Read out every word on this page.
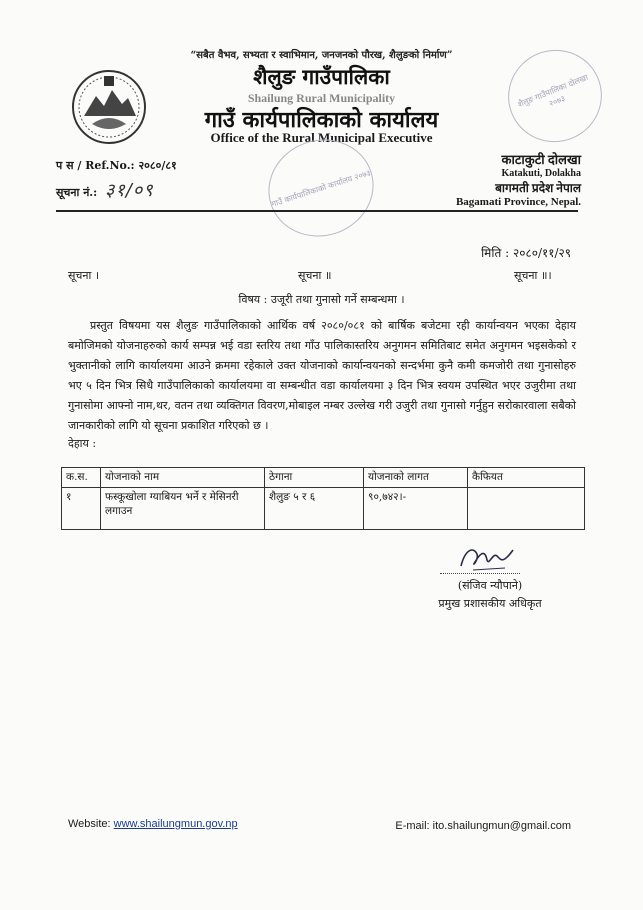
“सबैत वैभव, सभ्यता र स्वाभिमान, जनजनको पौरख, शैलुङको निर्माण”
शैलुङ गाउँपालिका
Shailung Rural Municipality
गाउँ कार्यपालिकाको कार्यालय
Office of the Rural Municipal Executive
शैलुङ गाउँपालिका दोलखा २०७३
गाउँ कार्यपालिकाको कार्यालय २०७३
प स / Ref.No.: २०८०/८१
सूचना नं.: ३१/०९
काटाकुटी दोलखा
Katakuti, Dolakha
बागमती प्रदेश नेपाल
Bagamati Province, Nepal.
मिति : २०८०/११/२९
सूचना ।	सूचना ॥	सूचना ॥।
विषय : उजूरी तथा गुनासो गर्ने सम्बन्धमा ।
प्रस्तुत विषयमा यस शैलुङ गाउँपालिकाको आर्थिक वर्ष २०८०/०८१ को बार्षिक बजेटमा रही कार्यान्वयन भएका देहाय बमोजिमको योजनाहरुको कार्य सम्पन्न भई वडा स्तरिय तथा गाँउ पालिकास्तरिय अनुगमन समितिबाट समेत अनुगमन भइसकेको र भुक्तानीको लागि कार्यालयमा आउने क्रममा रहेकाले उक्त योजनाको कार्यान्वयनको सन्दर्भमा कुनै कमी कमजोरी तथा गुनासोहरु भए ५ दिन भित्र सिधै गाउँपालिकाको कार्यालयमा वा सम्बन्धीत वडा कार्यालयमा ३ दिन भित्र स्वयम उपस्थित भएर उजुरीमा तथा गुनासोमा आफ्नो नाम,थर, वतन तथा व्यक्तिगत विवरण,मोबाइल नम्बर उल्लेख गरी उजुरी तथा गुनासो गर्नुहुन सरोकारवाला सबैको जानकारीको लागि यो सूचना प्रकाशित गरिएको छ ।
देहाय :
क.स.	योजनाको नाम	ठेगाना	योजनाको लागत	कैफियत
१	फस्कूखोला ग्याबियन भर्ने र मेसिनरी लगाउन	शैलुङ ५ र ६	९०,७४२।-	
(संजिव न्यौपाने)
प्रमुख प्रशासकीय अधिकृत
Website: www.shailungmun.gov.np	E-mail: ito.shailungmun@gmail.com
